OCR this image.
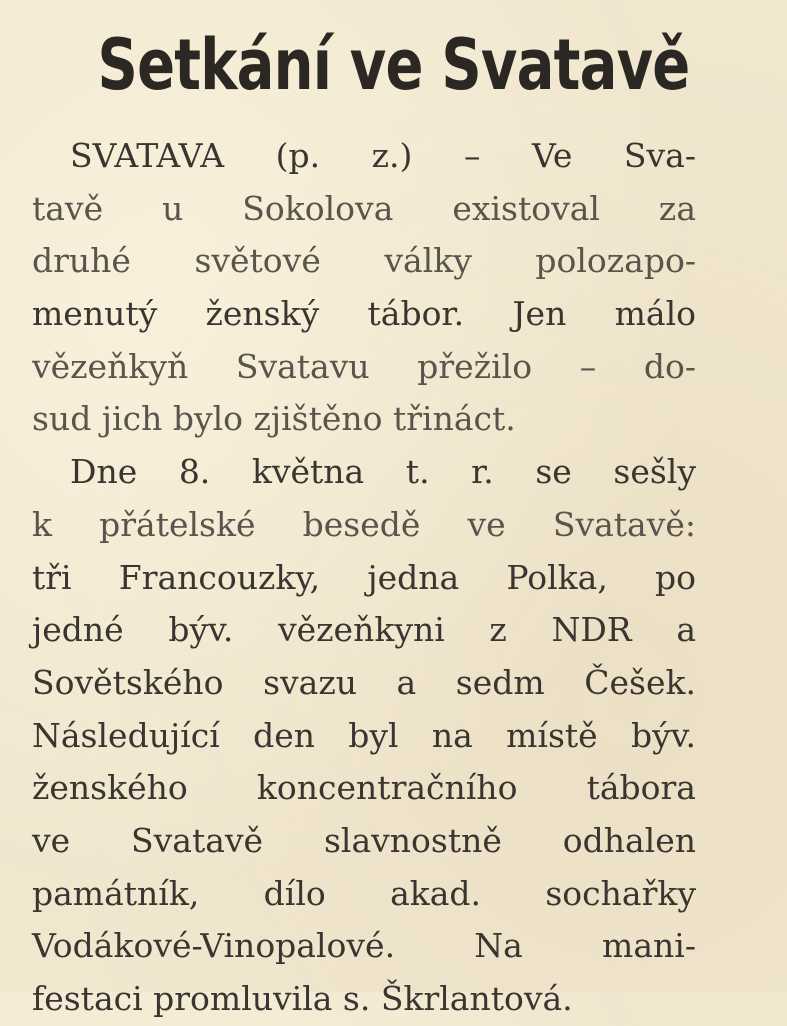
Setkání ve Svatavě
SVATAVA (p. z.) – Ve Sva-
tavě u Sokolova existoval za
druhé světové války polozapo-
menutý ženský tábor. Jen málo
vězeňkyň Svatavu přežilo – do-
sud jich bylo zjištěno třináct.
Dne 8. května t. r. se sešly
k přátelské besedě ve Svatavě:
tři Francouzky, jedna Polka, po
jedné býv. vězeňkyni z NDR a
Sovětského svazu a sedm Češek.
Následující den byl na místě býv.
ženského koncentračního tábora
ve Svatavě slavnostně odhalen
památník, dílo akad. sochařky
Vodákové-Vinopalové. Na mani-
festaci promluvila s. Škrlantová.
